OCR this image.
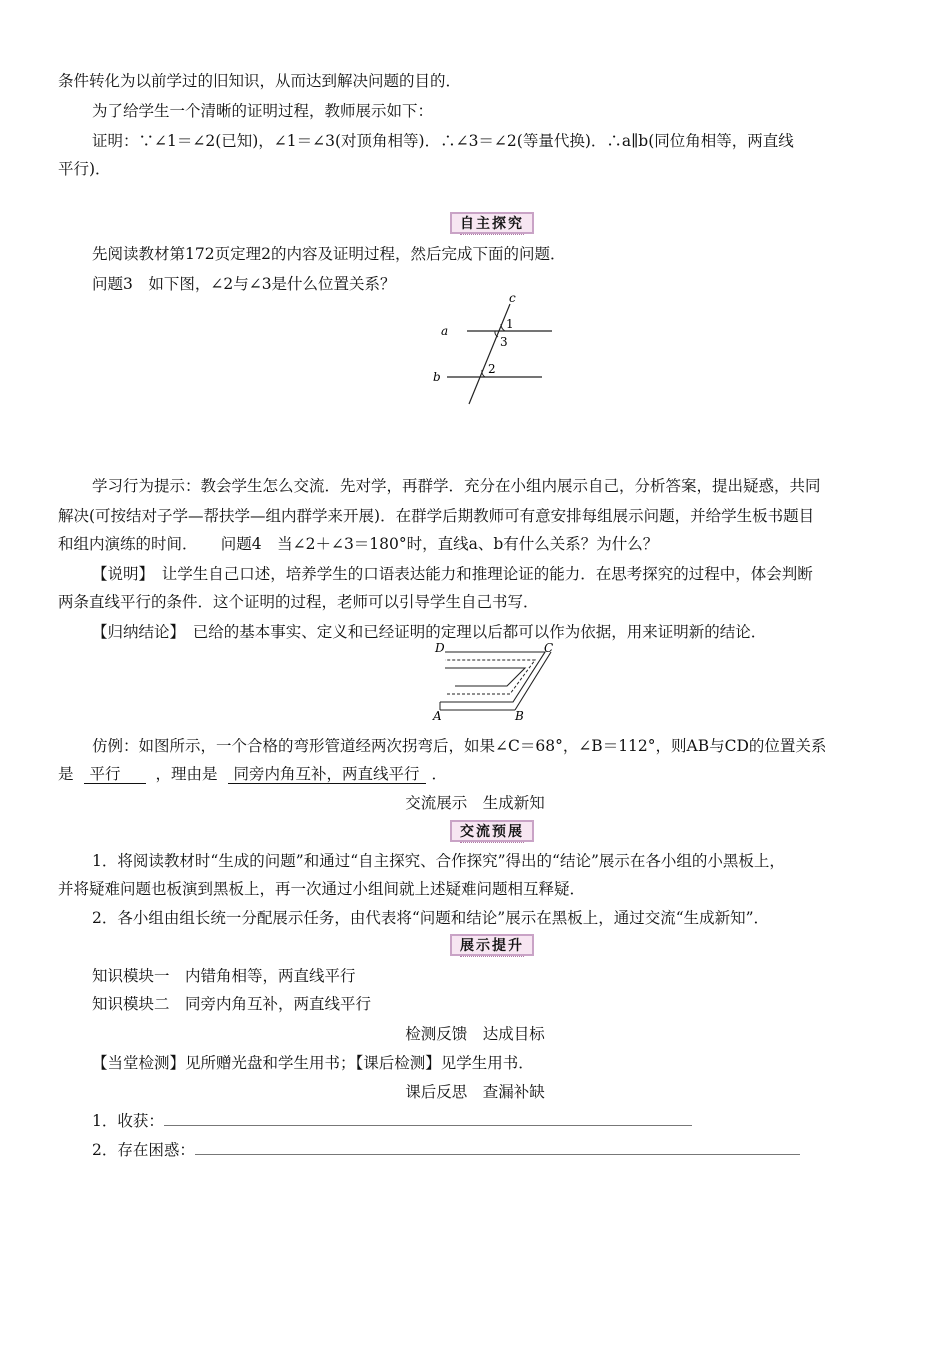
条件转化为以前学过的旧知识，从而达到解决问题的目的．
为了给学生一个清晰的证明过程，教师展示如下：
证明：∵∠1＝∠2(已知)，∠1＝∠3(对顶角相等)．∴∠3＝∠2(等量代换)．∴a∥b(同位角相等，两直线
平行)．
自主探究
先阅读教材第172页定理2的内容及证明过程，然后完成下面的问题．
问题3　如下图，∠2与∠3是什么位置关系？
c
a
b
1
3
2
学习行为提示：教会学生怎么交流．先对学，再群学．充分在小组内展示自己，分析答案，提出疑惑，共同
解决(可按结对子学—帮扶学—组内群学来开展)．在群学后期教师可有意安排每组展示问题，并给学生板书题目
和组内演练的时间．　　问题4　当∠2＋∠3＝180°时，直线a、b有什么关系？为什么？
【说明】　让学生自己口述，培养学生的口语表达能力和推理论证的能力．在思考探究的过程中，体会判断
两条直线平行的条件．这个证明的过程，老师可以引导学生自己书写．
【归纳结论】　已给的基本事实、定义和已经证明的定理以后都可以作为依据，用来证明新的结论．
A	B
C
D
仿例：如图所示，一个合格的弯形管道经两次拐弯后，如果∠C＝68°，∠B＝112°，则AB与CD的位置关系
是 平行 ，理由是 同旁内角互补，两直线平行 ．
交流展示　生成新知
交流预展
1．将阅读教材时“生成的问题”和通过“自主探究、合作探究”得出的“结论”展示在各小组的小黑板上，
并将疑难问题也板演到黑板上，再一次通过小组间就上述疑难问题相互释疑．
2．各小组由组长统一分配展示任务，由代表将“问题和结论”展示在黑板上，通过交流“生成新知”．
展示提升
知识模块一　内错角相等，两直线平行
知识模块二　同旁内角互补，两直线平行
检测反馈　达成目标
【当堂检测】见所赠光盘和学生用书；【课后检测】见学生用书．
课后反思　查漏补缺
1．收获：
2．存在困惑：
